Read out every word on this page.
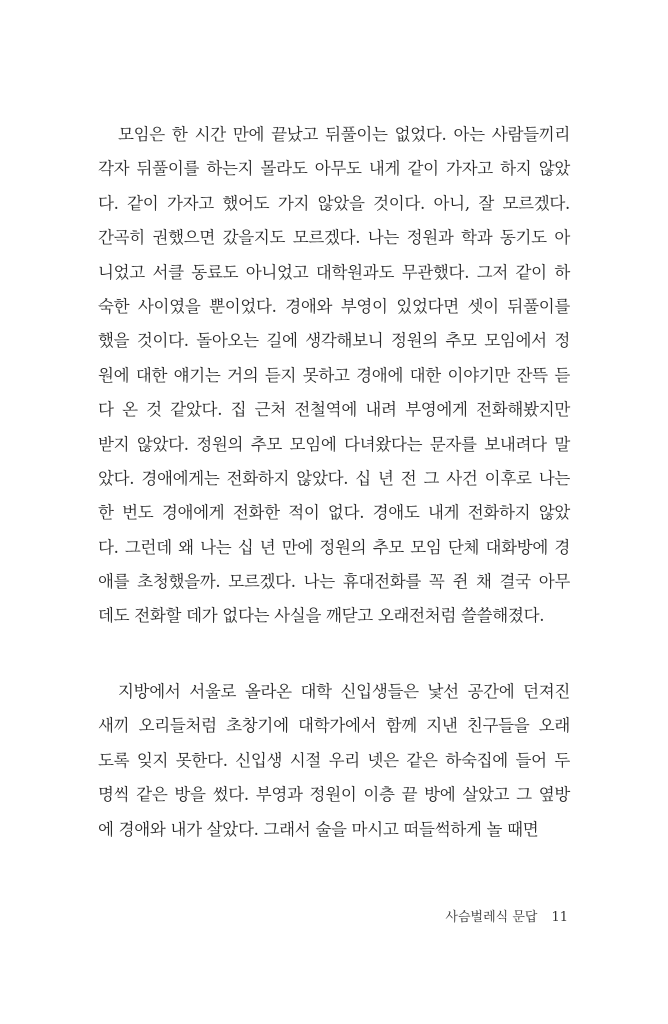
모임은 한 시간 만에 끝났고 뒤풀이는 없었다. 아는 사람들끼리
각자 뒤풀이를 하는지 몰라도 아무도 내게 같이 가자고 하지 않았
다. 같이 가자고 했어도 가지 않았을 것이다. 아니, 잘 모르겠다.
간곡히 권했으면 갔을지도 모르겠다. 나는 정원과 학과 동기도 아
니었고 서클 동료도 아니었고 대학원과도 무관했다. 그저 같이 하
숙한 사이였을 뿐이었다. 경애와 부영이 있었다면 셋이 뒤풀이를
했을 것이다. 돌아오는 길에 생각해보니 정원의 추모 모임에서 정
원에 대한 얘기는 거의 듣지 못하고 경애에 대한 이야기만 잔뜩 듣
다 온 것 같았다. 집 근처 전철역에 내려 부영에게 전화해봤지만
받지 않았다. 정원의 추모 모임에 다녀왔다는 문자를 보내려다 말
았다. 경애에게는 전화하지 않았다. 십 년 전 그 사건 이후로 나는
한 번도 경애에게 전화한 적이 없다. 경애도 내게 전화하지 않았
다. 그런데 왜 나는 십 년 만에 정원의 추모 모임 단체 대화방에 경
애를 초청했을까. 모르겠다. 나는 휴대전화를 꼭 쥔 채 결국 아무
데도 전화할 데가 없다는 사실을 깨닫고 오래전처럼 쓸쓸해졌다.
지방에서 서울로 올라온 대학 신입생들은 낯선 공간에 던져진
새끼 오리들처럼 초창기에 대학가에서 함께 지낸 친구들을 오래
도록 잊지 못한다. 신입생 시절 우리 넷은 같은 하숙집에 들어 두
명씩 같은 방을 썼다. 부영과 정원이 이층 끝 방에 살았고 그 옆방
에 경애와 내가 살았다. 그래서 술을 마시고 떠들썩하게 놀 때면
사슴벌레식 문답 11
